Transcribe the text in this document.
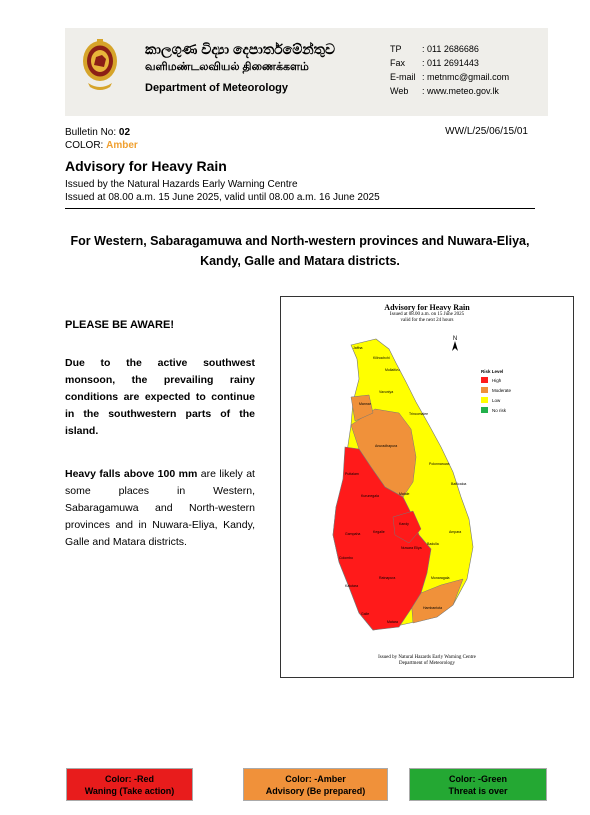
කාලගුණ විද්‍යා දෙපාර්තමේන්තුව
வளிமண்டலவியல் திணைக்களம்
Department of Meteorology
TP : 011 2686686
Fax : 011 2691443
E-mail : metnmc@gmail.com
Web : www.meteo.gov.lk
Bulletin No: 02
COLOR: Amber
WW/L/25/06/15/01
Advisory for Heavy Rain
Issued by the Natural Hazards Early Warning Centre
Issued at 08.00 a.m. 15 June 2025, valid until 08.00 a.m. 16 June 2025
For Western, Sabaragamuwa and North-western provinces and Nuwara-Eliya, Kandy, Galle and Matara districts.
PLEASE BE AWARE!
Due to the active southwest monsoon, the prevailing rainy conditions are expected to continue in the southwestern parts of the island.
Heavy falls above 100 mm are likely at some places in Western, Sabaragamuwa and North-western provinces and in Nuwara-Eliya, Kandy, Galle and Matara districts.
Advisory for Heavy Rain
Issued at 08.00 a.m. on 15 June 2025
valid for the next 24 hours
N
Jaffna
Kilinochchi
Mullaitivu
Mannar
Vavuniya
Trincomalee
Anuradhapura
Puttalam
Polonnaruwa
Batticaloa
Kurunegala	Matale
Kandy
Gampaha	Kegalle	Ampara
Colombo
Nuwara Eliya
Badulla
Kalutara
Ratnapura	Monaragala
Galle
Matara
Hambantota
Risk Level
High
Moderate
Low
No risk
Issued by Natural Hazards Early Warning Centre
Department of Meteorology
Color: -Red
Waning (Take action)
Color: -Amber
Advisory (Be prepared)
Color: -Green
Threat is over
